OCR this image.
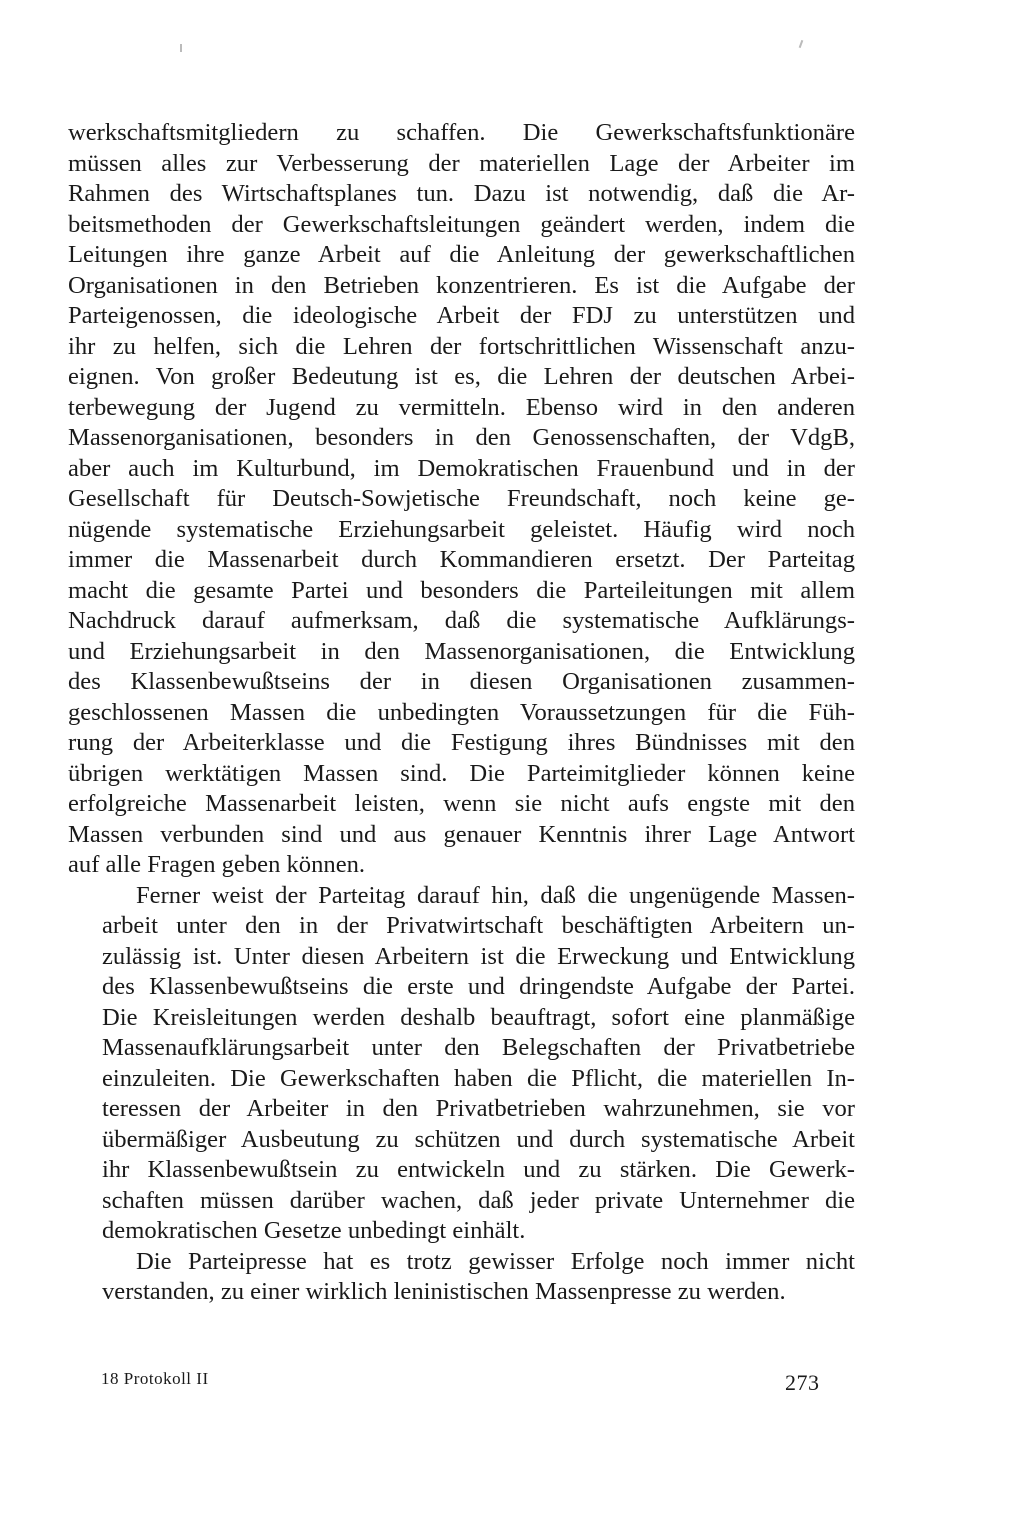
werkschaftsmitgliedern zu schaffen. Die Gewerkschaftsfunktionäre
müssen alles zur Verbesserung der materiellen Lage der Arbeiter im
Rahmen des Wirtschaftsplanes tun. Dazu ist notwendig, daß die Ar-
beitsmethoden der Gewerkschaftsleitungen geändert werden, indem die
Leitungen ihre ganze Arbeit auf die Anleitung der gewerkschaftlichen
Organisationen in den Betrieben konzentrieren. Es ist die Aufgabe der
Parteigenossen, die ideologische Arbeit der FDJ zu unterstützen und
ihr zu helfen, sich die Lehren der fortschrittlichen Wissenschaft anzu-
eignen. Von großer Bedeutung ist es, die Lehren der deutschen Arbei-
terbewegung der Jugend zu vermitteln. Ebenso wird in den anderen
Massenorganisationen, besonders in den Genossenschaften, der VdgB,
aber auch im Kulturbund, im Demokratischen Frauenbund und in der
Gesellschaft für Deutsch-Sowjetische Freundschaft, noch keine ge-
nügende systematische Erziehungsarbeit geleistet. Häufig wird noch
immer die Massenarbeit durch Kommandieren ersetzt. Der Parteitag
macht die gesamte Partei und besonders die Parteileitungen mit allem
Nachdruck darauf aufmerksam, daß die systematische Aufklärungs-
und Erziehungsarbeit in den Massenorganisationen, die Entwicklung
des Klassenbewußtseins der in diesen Organisationen zusammen-
geschlossenen Massen die unbedingten Voraussetzungen für die Füh-
rung der Arbeiterklasse und die Festigung ihres Bündnisses mit den
übrigen werktätigen Massen sind. Die Parteimitglieder können keine
erfolgreiche Massenarbeit leisten, wenn sie nicht aufs engste mit den
Massen verbunden sind und aus genauer Kenntnis ihrer Lage Antwort
auf alle Fragen geben können.
Ferner weist der Parteitag darauf hin, daß die ungenügende Massen-
arbeit unter den in der Privatwirtschaft beschäftigten Arbeitern un-
zulässig ist. Unter diesen Arbeitern ist die Erweckung und Entwicklung
des Klassenbewußtseins die erste und dringendste Aufgabe der Partei.
Die Kreisleitungen werden deshalb beauftragt, sofort eine planmäßige
Massenaufklärungsarbeit unter den Belegschaften der Privatbetriebe
einzuleiten. Die Gewerkschaften haben die Pflicht, die materiellen In-
teressen der Arbeiter in den Privatbetrieben wahrzunehmen, sie vor
übermäßiger Ausbeutung zu schützen und durch systematische Arbeit
ihr Klassenbewußtsein zu entwickeln und zu stärken. Die Gewerk-
schaften müssen darüber wachen, daß jeder private Unternehmer die
demokratischen Gesetze unbedingt einhält.
Die Parteipresse hat es trotz gewisser Erfolge noch immer nicht
verstanden, zu einer wirklich leninistischen Massenpresse zu werden.
18 Protokoll II	273
